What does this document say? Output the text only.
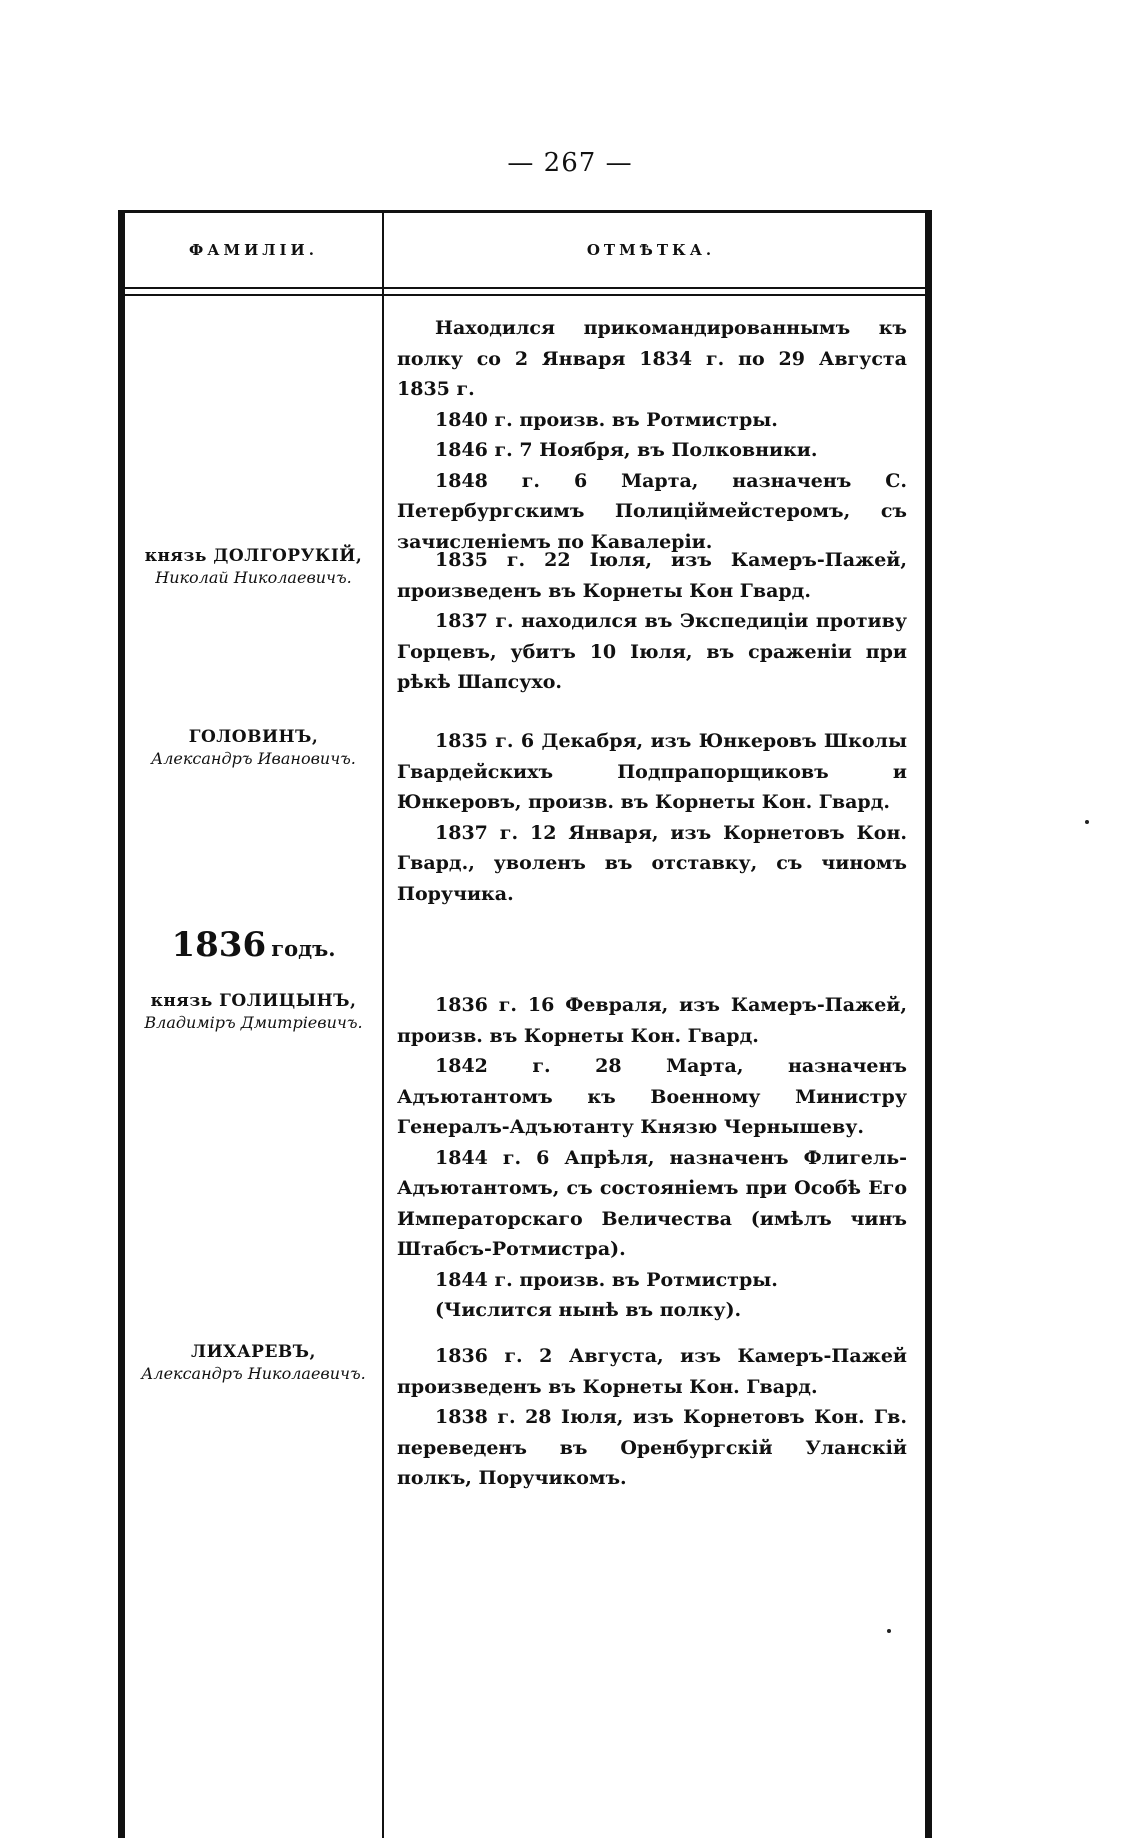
— 267 —
ФАМИЛІИ.	ОТМѢТКА.
князь ДОЛГОРУКІЙ,
Николай Николаевичъ.
ГОЛОВИНЪ,
Александръ Ивановичъ.
1836 годъ.
князь ГОЛИЦЫНЪ,
Владиміръ Дмитріевичъ.
ЛИХАРЕВЪ,
Александръ Николаевичъ.

Находился прикомандированнымъ къ полку со 2 Января 1834 г. по 29 Августа 1835 г.

1840 г. произв. въ Ротмистры.

1846 г. 7 Ноября, въ Полковники.

1848 г. 6 Марта, назначенъ С. Петербургскимъ Полиціймейстеромъ, съ зачисленіемъ по Кавалеріи.

1835 г. 22 Іюля, изъ Камеръ-Пажей, произведенъ въ Корнеты Кон Гвард.

1837 г. находился въ Экспедиціи противу Горцевъ, убитъ 10 Іюля, въ сраженіи при рѣкѣ Шапсухо.

1835 г. 6 Декабря, изъ Юнкеровъ Школы Гвардейскихъ Подпрапорщиковъ и Юнкеровъ, произв. въ Корнеты Кон. Гвард.

1837 г. 12 Января, изъ Корнетовъ Кон. Гвард., уволенъ въ отставку, съ чиномъ Поручика.

1836 г. 16 Февраля, изъ Камеръ-Пажей, произв. въ Корнеты Кон. Гвард.

1842 г. 28 Марта, назначенъ Адъютантомъ къ Военному Министру Генералъ-Адъютанту Князю Чернышеву.

1844 г. 6 Апрѣля, назначенъ Флигель-Адъютантомъ, съ состояніемъ при Особѣ Его Императорскаго Величества (имѣлъ чинъ Штабсъ-Ротмистра).

1844 г. произв. въ Ротмистры.

(Числится нынѣ въ полку).

1836 г. 2 Августа, изъ Камеръ-Пажей произведенъ въ Корнеты Кон. Гвард.

1838 г. 28 Іюля, изъ Корнетовъ Кон. Гв. переведенъ въ Оренбургскій Уланскій полкъ, Поручикомъ.
